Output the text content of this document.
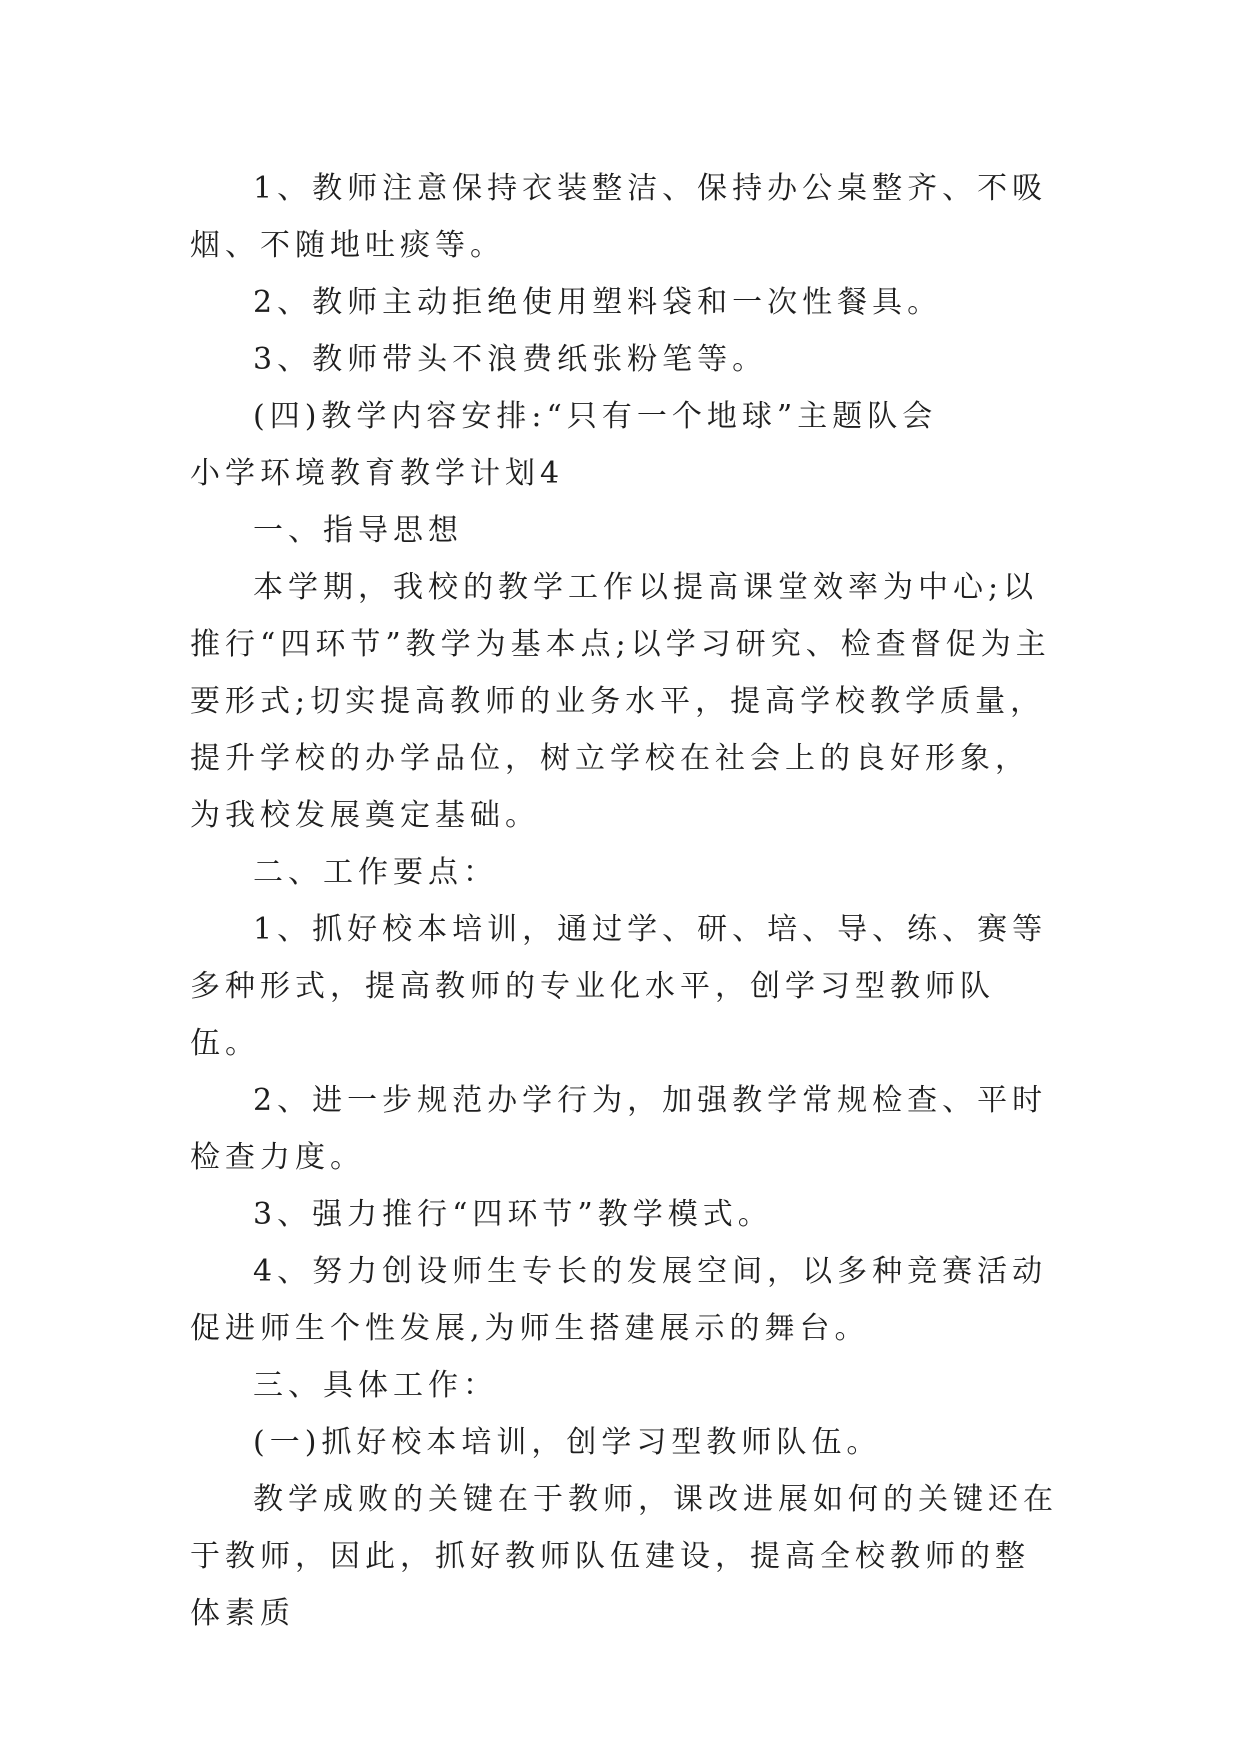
1、教师注意保持衣装整洁、保持办公桌整齐、不吸烟、不随地吐痰等。

2、教师主动拒绝使用塑料袋和一次性餐具。

3、教师带头不浪费纸张粉笔等。

(四)教学内容安排:“只有一个地球”主题队会

小学环境教育教学计划4

一、指导思想

本学期，我校的教学工作以提高课堂效率为中心;以推行“四环节”教学为基本点;以学习研究、检查督促为主要形式;切实提高教师的业务水平，提高学校教学质量，提升学校的办学品位，树立学校在社会上的良好形象，为我校发展奠定基础。

二、工作要点：

1、抓好校本培训，通过学、研、培、导、练、赛等多种形式，提高教师的专业化水平，创学习型教师队伍。

2、进一步规范办学行为，加强教学常规检查、平时检查力度。

3、强力推行“四环节”教学模式。

4、努力创设师生专长的发展空间，以多种竞赛活动促进师生个性发展,为师生搭建展示的舞台。

三、具体工作：

(一)抓好校本培训，创学习型教师队伍。

教学成败的关键在于教师，课改进展如何的关键还在于教师，因此，抓好教师队伍建设，提高全校教师的整体素质
